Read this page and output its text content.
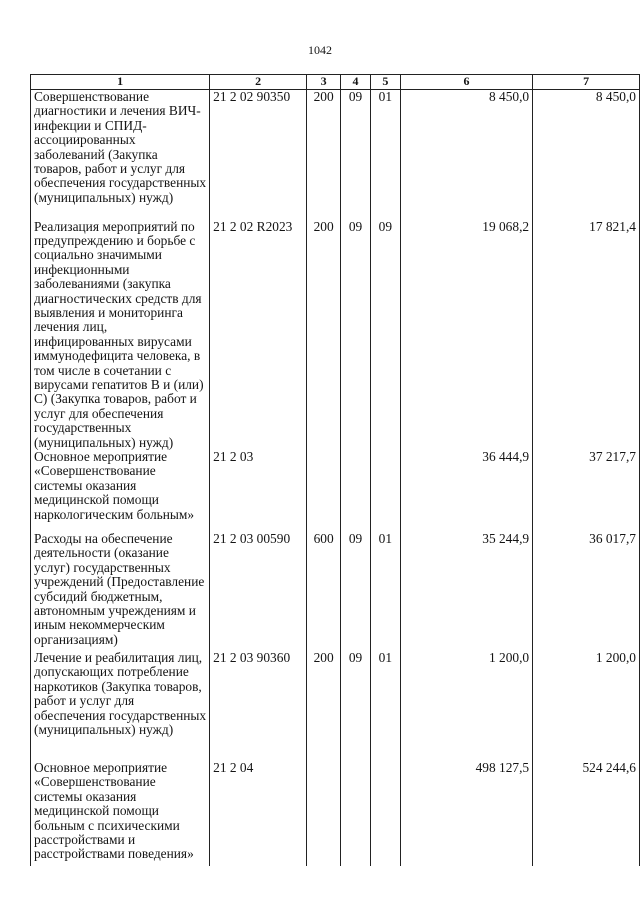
1042
1	2	3	4	5	6	7
Совершенствование диагностики и лечения ВИЧ-инфекции и СПИД-ассоциированных заболеваний (Закупка товаров, работ и услуг для обеспечения государственных (муниципальных) нужд)	21 2 02 90350	200	09	01	8 450,0	8 450,0
Реализация мероприятий по предупреждению и борьбе с социально значимыми инфекционными заболеваниями (закупка диагностических средств для выявления и мониторинга лечения лиц, инфицированных вирусами иммунодефицита человека, в том числе в сочетании с вирусами гепатитов В и (или) С) (Закупка товаров, работ и услуг для обеспечения государственных (муниципальных) нужд)	21 2 02 R2023	200	09	09	19 068,2	17 821,4
Основное мероприятие «Совершенствование системы оказания медицинской помощи наркологическим больным»	21 2 03				36 444,9	37 217,7
Расходы на обеспечение деятельности (оказание услуг) государственных учреждений (Предоставление субсидий бюджетным, автономным учреждениям и иным некоммерческим организациям)	21 2 03 00590	600	09	01	35 244,9	36 017,7
Лечение и реабилитация лиц, допускающих потребление наркотиков (Закупка товаров, работ и услуг для обеспечения государственных (муниципальных) нужд)	21 2 03 90360	200	09	01	1 200,0	1 200,0
Основное мероприятие «Совершенствование системы оказания медицинской помощи больным с психическими расстройствами и расстройствами поведения»	21 2 04				498 127,5	524 244,6
